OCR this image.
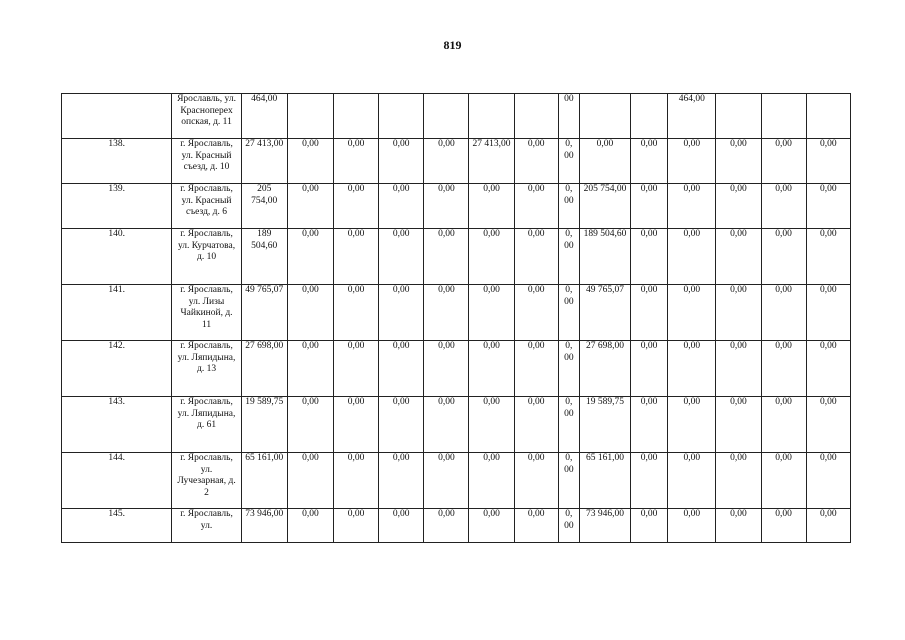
819
	Ярославль, ул. Краснопереx опская, д. 11	464,00							00			464,00			
138.	г. Ярославль, ул. Красный съезд, д. 10	27 413,00	0,00	0,00	0,00	0,00	27 413,00	0,00	0, 00	0,00	0,00	0,00	0,00	0,00	0,00
139.	г. Ярославль, ул. Красный съезд, д. 6	205 754,00	0,00	0,00	0,00	0,00	0,00	0,00	0, 00	205 754,00	0,00	0,00	0,00	0,00	0,00
140.	г. Ярославль, ул. Курчатова, д. 10	189 504,60	0,00	0,00	0,00	0,00	0,00	0,00	0, 00	189 504,60	0,00	0,00	0,00	0,00	0,00
141.	г. Ярославль, ул. Лизы Чайкиной, д. 11	49 765,07	0,00	0,00	0,00	0,00	0,00	0,00	0, 00	49 765,07	0,00	0,00	0,00	0,00	0,00
142.	г. Ярославль, ул. Ляпидына, д. 13	27 698,00	0,00	0,00	0,00	0,00	0,00	0,00	0, 00	27 698,00	0,00	0,00	0,00	0,00	0,00
143.	г. Ярославль, ул. Ляпидына, д. 61	19 589,75	0,00	0,00	0,00	0,00	0,00	0,00	0, 00	19 589,75	0,00	0,00	0,00	0,00	0,00
144.	г. Ярославль, ул. Лучезарная, д. 2	65 161,00	0,00	0,00	0,00	0,00	0,00	0,00	0, 00	65 161,00	0,00	0,00	0,00	0,00	0,00
145.	г. Ярославль, ул.	73 946,00	0,00	0,00	0,00	0,00	0,00	0,00	0, 00	73 946,00	0,00	0,00	0,00	0,00	0,00
